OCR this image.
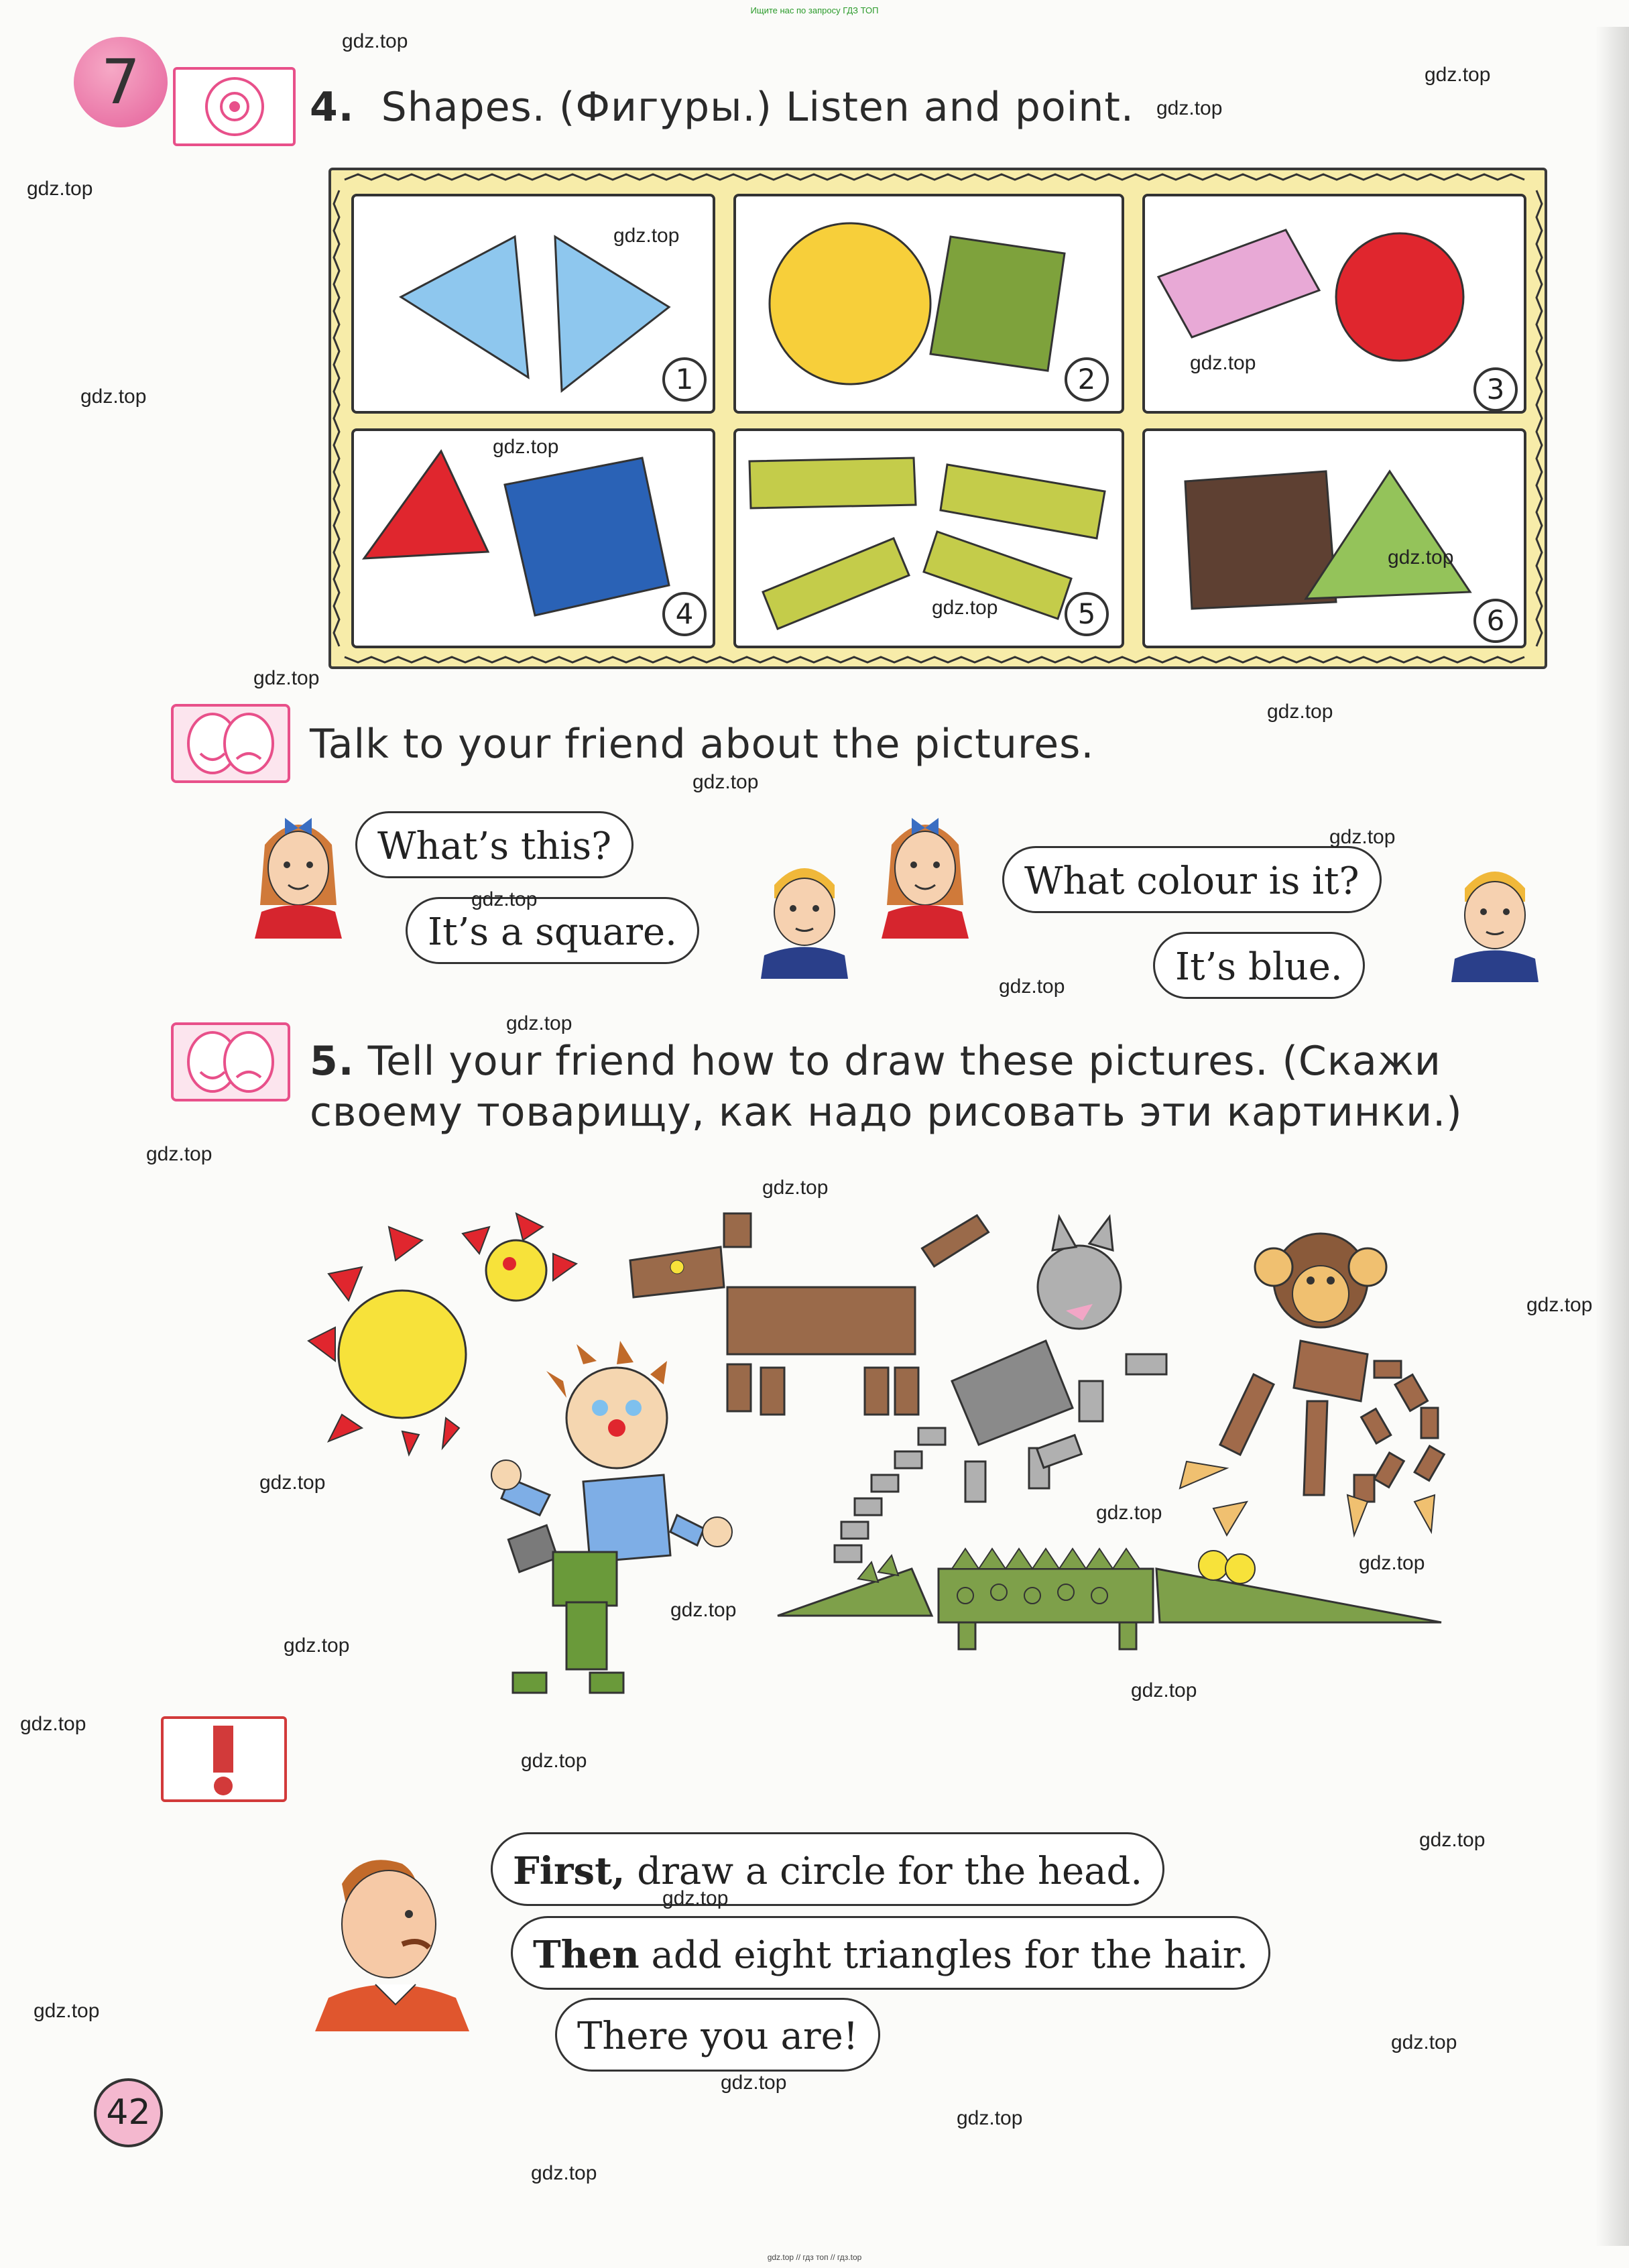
Ищите нас по запросу ГДЗ ТОП
7	4. Shapes. (Фигуры.) Listen and point.
1	2	3
4	5	6
Talk to your friend about the pictures.
What’s this?
It’s a square.
What colour is it?
It’s blue.
5. Tell your friend how to draw these pictures. (Скажи
своему товарищу, как надо рисовать эти картинки.)
First, draw a circle for the head.
Then add eight triangles for the hair.
There you are!
42
gdz.top
gdz.top
gdz.top
gdz.top
gdz.top
gdz.top
gdz.top
gdz.top
gdz.top
gdz.top
gdz.top
gdz.top
gdz.top
gdz.top
gdz.top
gdz.top
gdz.top
gdz.top
gdz.top
gdz.top
gdz.top
gdz.top
gdz.top
gdz.top
gdz.top
gdz.top
gdz.top
gdz.top
gdz.top
gdz.top
gdz.top
gdz.top
gdz.top
gdz.top
gdz.top
gdz.top // гдз топ // гдз.top
